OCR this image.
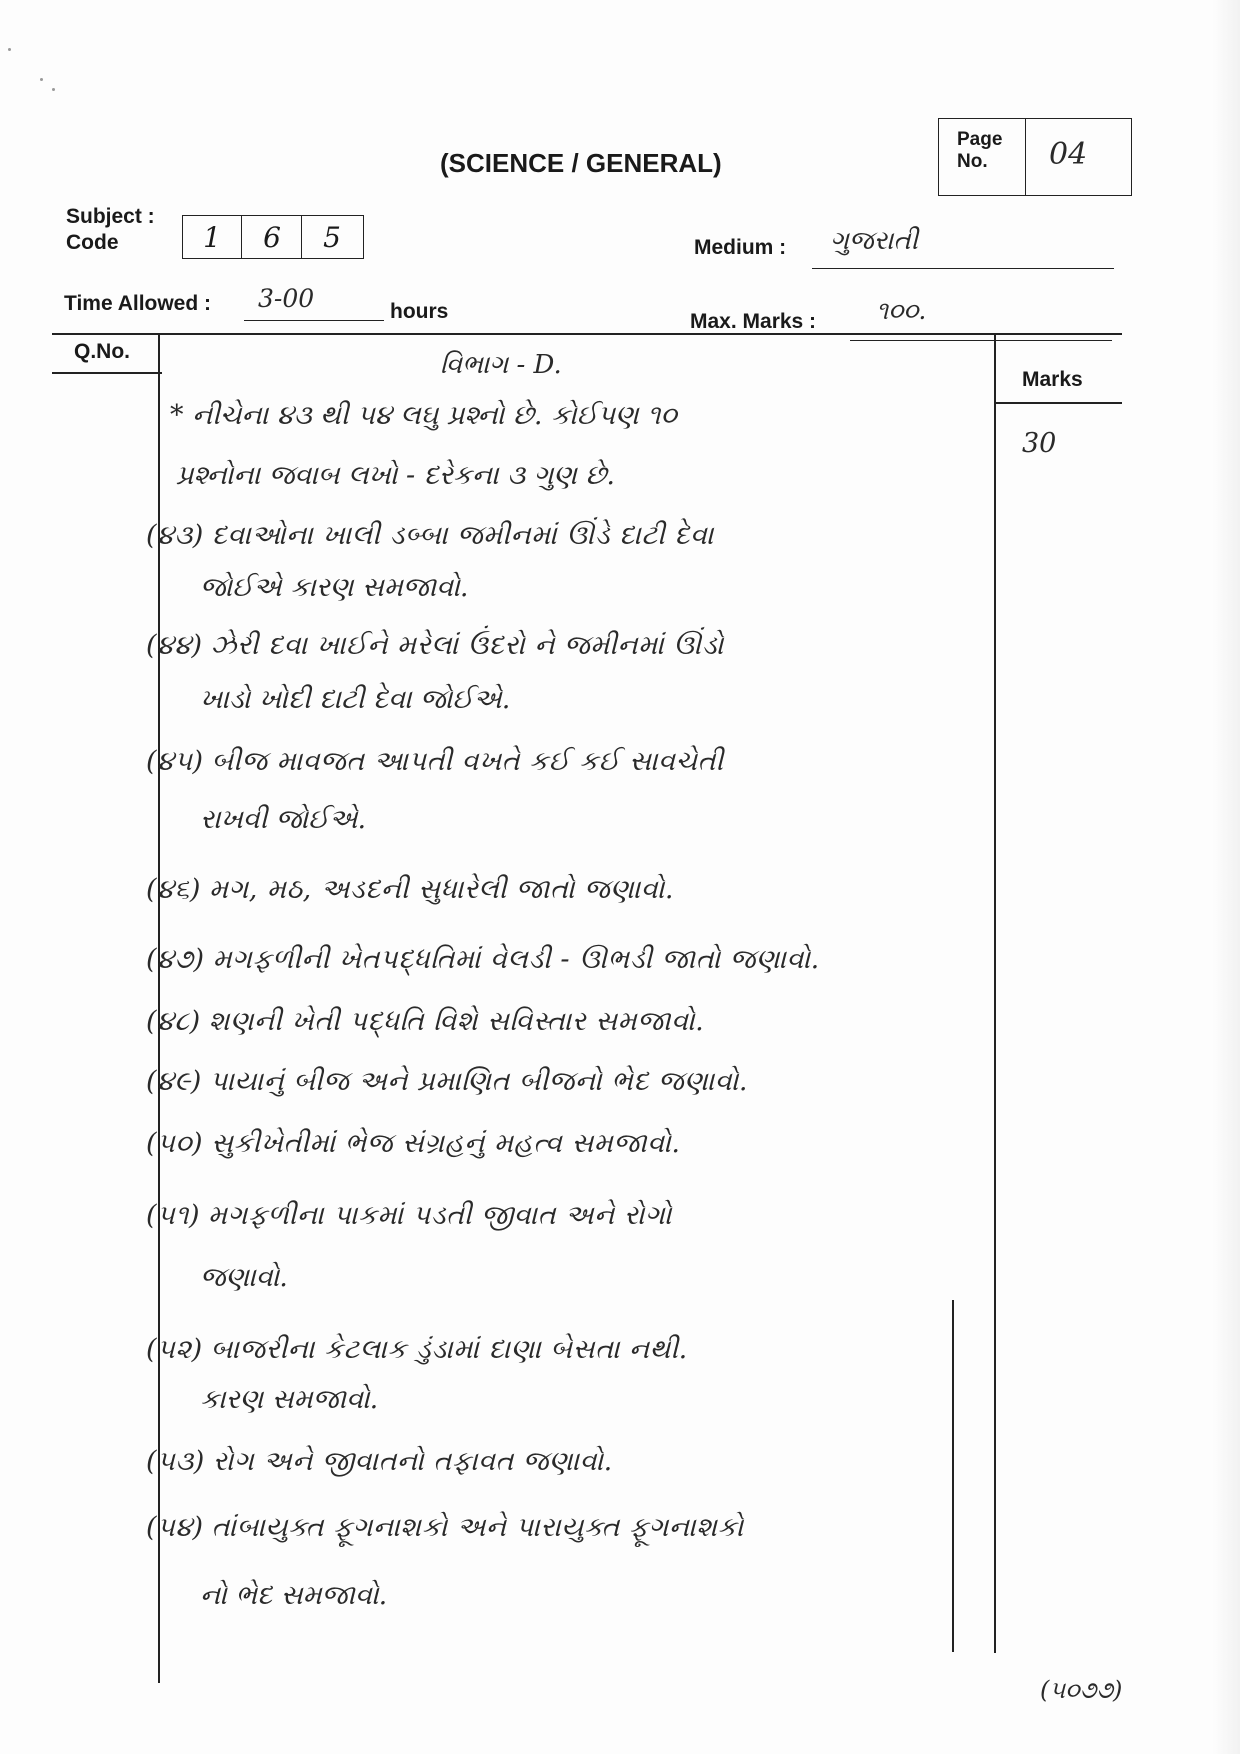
(SCIENCE / GENERAL)
Page
No.	04
Subject :
Code	1	6	5	Medium : ગુજરાતી
Time Allowed : 3-00	hours	Max. Marks : ૧૦૦.
Q.No.
Marks
વિભાગ - D.
30
* નીચેના ૪૩ થી ૫૪ લઘુ પ્રશ્નો છે. કોઈપણ ૧૦
પ્રશ્નોના જવાબ લખો - દરેકના ૩ ગુણ છે.
(૪૩) દવાઓના ખાલી ડબ્બા જમીનમાં ઊંડે દાટી દેવા
જોઈએ કારણ સમજાવો.
(૪૪) ઝેરી દવા ખાઈને મરેલાં ઉંદરો ને જમીનમાં ઊંડો
ખાડો ખોદી દાટી દેવા જોઈએ.
(૪૫) બીજ માવજત આપતી વખતે કઈ કઈ સાવચેતી
રાખવી જોઈએ.
(૪૬) મગ, મઠ, અડદની સુધારેલી જાતો જણાવો.
(૪૭) મગફળીની ખેતપદ્ધતિમાં વેલડી - ઊભડી જાતો જણાવો.
(૪૮) શણની ખેતી પદ્ધતિ વિશે સવિસ્તાર સમજાવો.
(૪૯) પાયાનું બીજ અને પ્રમાણિત બીજનો ભેદ જણાવો.
(૫૦) સુકીખેતીમાં ભેજ સંગ્રહનું મહત્વ સમજાવો.
(૫૧) મગફળીના પાકમાં પડતી જીવાત અને રોગો
જણાવો.
(૫૨) બાજરીના કેટલાક ડુંડામાં દાણા બેસતા નથી.
કારણ સમજાવો.
(૫૩) રોગ અને જીવાતનો તફાવત જણાવો.
(૫૪) તાંબાયુક્ત ફૂગનાશકો અને પારાયુક્ત ફૂગનાશકો
નો ભેદ સમજાવો.
(૫૦૭૭)
